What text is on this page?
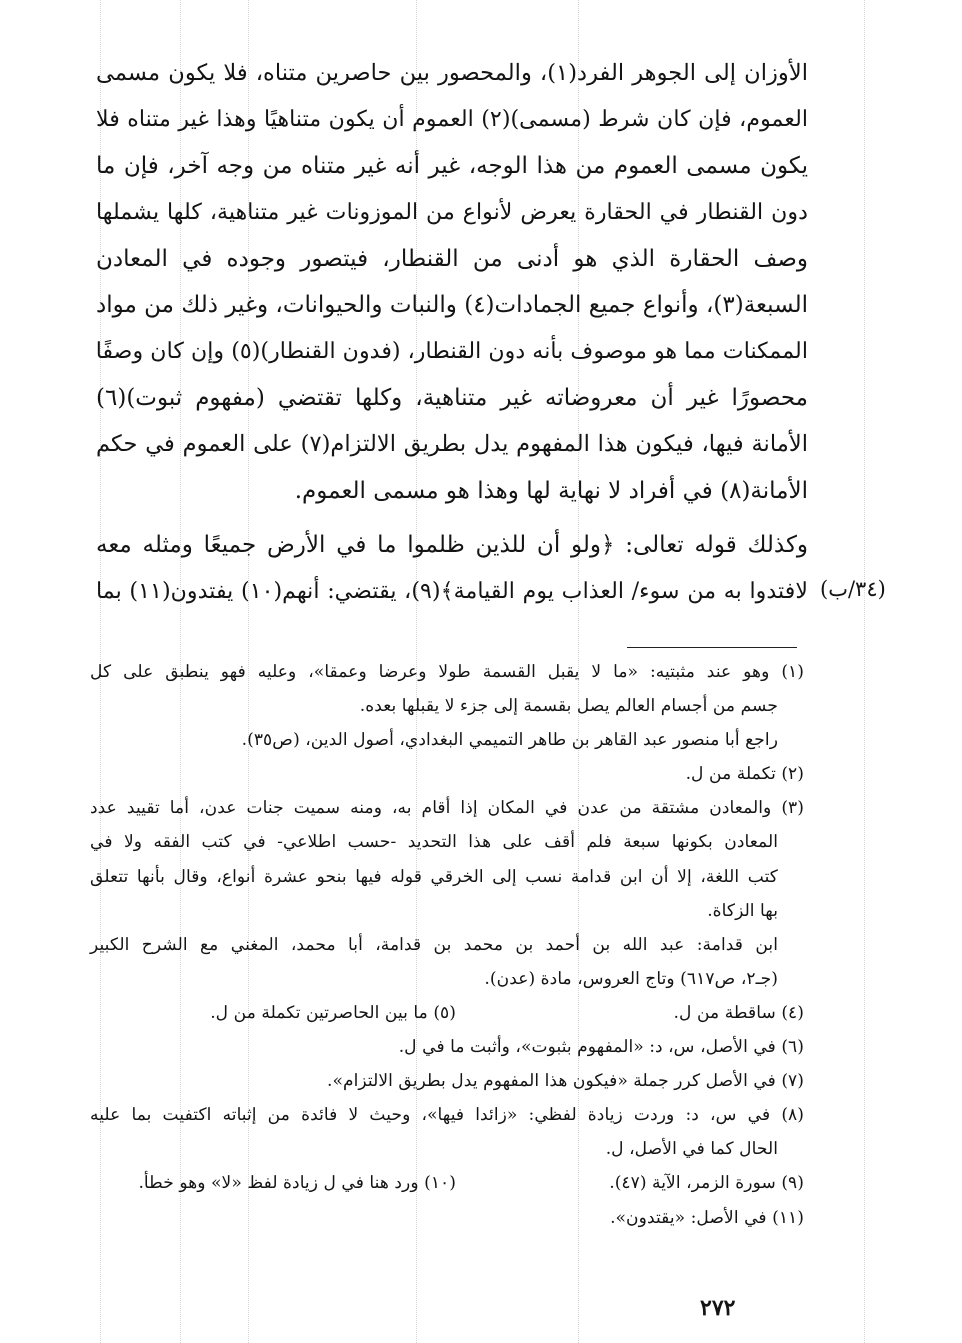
الأوزان إلى الجوهر الفرد(١)، والمحصور بين حاصرين متناه، فلا يكون مسمى
العموم، فإن كان شرط (مسمى)(٢) العموم أن يكون متناهيًا وهذا غير متناه فلا
يكون مسمى العموم من هذا الوجه، غير أنه غير متناه من وجه آخر، فإن ما
دون القنطار في الحقارة يعرض لأنواع من الموزونات غير متناهية، كلها يشملها
وصف الحقارة الذي هو أدنى من القنطار، فيتصور وجوده في المعادن
السبعة(٣)، وأنواع جميع الجمادات(٤) والنبات والحيوانات، وغير ذلك من مواد
الممكنات مما هو موصوف بأنه دون القنطار، (فدون القنطار)(٥) وإن كان وصفًا
محصورًا غير أن معروضاته غير متناهية، وكلها تقتضي (مفهوم ثبوت)(٦)
الأمانة فيها، فيكون هذا المفهوم يدل بطريق الالتزام(٧) على العموم في حكم
الأمانة(٨) في أفراد لا نهاية لها وهذا هو مسمى العموم.
وكذلك قوله تعالى: ﴿ولو أن للذين ظلموا ما في الأرض جميعًا ومثله معه
لافتدوا به من سوء/ العذاب يوم القيامة﴾(٩)، يقتضي: أنهم(١٠) يفتدون(١١) بما (٣٤/ب)
(١) وهو عند مثبتيه: «ما لا يقبل القسمة طولا وعرضا وعمقا»، وعليه فهو ينطبق على كل
جسم من أجسام العالم يصل بقسمة إلى جزء لا يقبلها بعده.
راجع أبا منصور عبد القاهر بن طاهر التميمي البغدادي، أصول الدين، (ص٣٥).
(٢) تكملة من ل.
(٣) والمعادن مشتقة من عدن في المكان إذا أقام به، ومنه سميت جنات عدن، أما تقييد عدد
المعادن بكونها سبعة فلم أقف على هذا التحديد -حسب اطلاعي- في كتب الفقه ولا في
كتب اللغة، إلا أن ابن قدامة نسب إلى الخرقي قوله فيها بنحو عشرة أنواع، وقال بأنها تتعلق
بها الزكاة.
ابن قدامة: عبد الله بن أحمد بن محمد بن قدامة، أبا محمد، المغني مع الشرح الكبير
(جـ٢، ص٦١٧) وتاج العروس، مادة (عدن).
(٤) ساقطة من ل.
(٥) ما بين الحاصرتين تكملة من ل.
(٦) في الأصل، س، د: «المفهوم بثبوت»، وأثبت ما في ل.
(٧) في الأصل كرر جملة «فيكون هذا المفهوم يدل بطريق الالتزام».
(٨) في س، د: وردت زيادة لفظي: «زائدا فيها»، وحيث لا فائدة من إثباته اكتفيت بما عليه
الحال كما في الأصل، ل.
(٩) سورة الزمر، الآية (٤٧).
(١٠) ورد هنا في ل زيادة لفظ «لا» وهو خطأ.
(١١) في الأصل: «يقتدون».
٢٧٢
